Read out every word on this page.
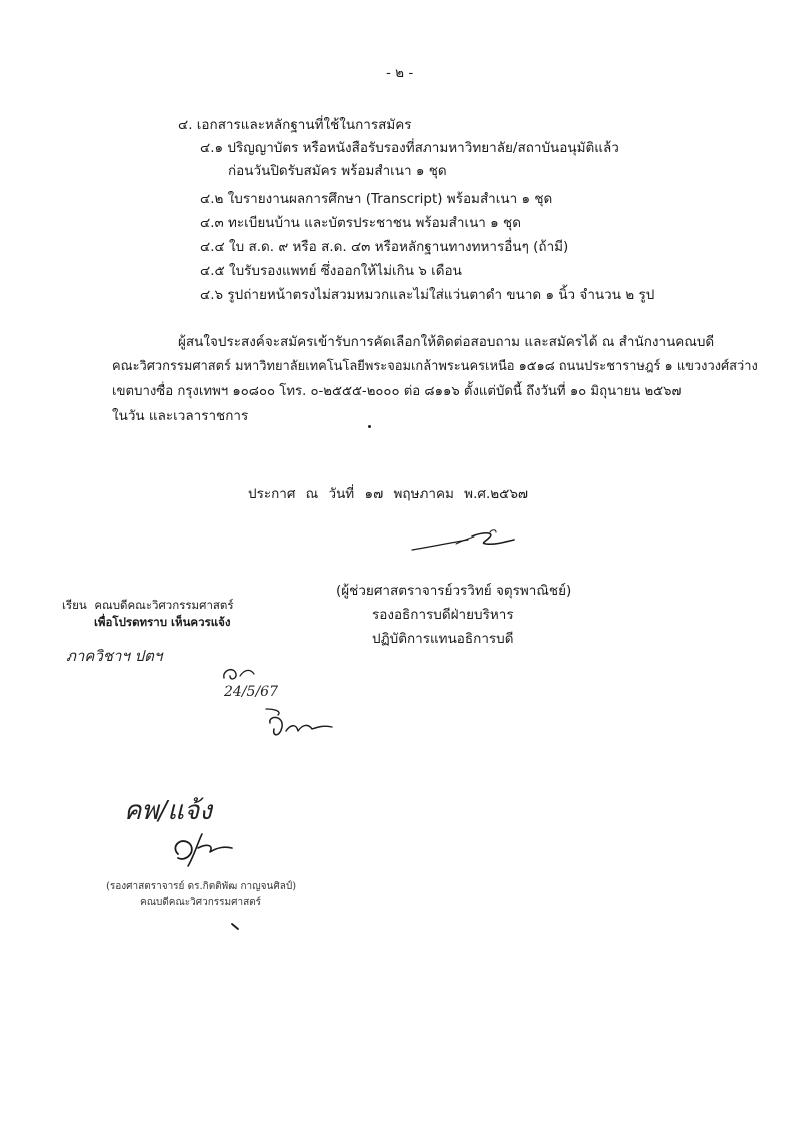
- ๒ -
๔. เอกสารและหลักฐานที่ใช้ในการสมัคร
๔.๑ ปริญญาบัตร หรือหนังสือรับรองที่สภามหาวิทยาลัย/สถาบันอนุมัติแล้ว
ก่อนวันปิดรับสมัคร พร้อมสำเนา ๑ ชุด
๔.๒ ใบรายงานผลการศึกษา (Transcript) พร้อมสำเนา ๑ ชุด
๔.๓ ทะเบียนบ้าน และบัตรประชาชน พร้อมสำเนา ๑ ชุด
๔.๔ ใบ ส.ด. ๙ หรือ ส.ด. ๔๓ หรือหลักฐานทางทหารอื่นๆ (ถ้ามี)
๔.๕ ใบรับรองแพทย์ ซึ่งออกให้ไม่เกิน ๖ เดือน
๔.๖ รูปถ่ายหน้าตรงไม่สวมหมวกและไม่ใส่แว่นตาดำ ขนาด ๑ นิ้ว จำนวน ๒ รูป
ผู้สนใจประสงค์จะสมัครเข้ารับการคัดเลือกให้ติดต่อสอบถาม และสมัครได้ ณ สำนักงานคณบดี
คณะวิศวกรรมศาสตร์ มหาวิทยาลัยเทคโนโลยีพระจอมเกล้าพระนครเหนือ ๑๕๑๘ ถนนประชาราษฎร์ ๑ แขวงวงศ์สว่าง
เขตบางซื่อ กรุงเทพฯ ๑๐๘๐๐ โทร. ๐-๒๕๕๕-๒๐๐๐ ต่อ ๘๑๑๖ ตั้งแต่บัดนี้ ถึงวันที่ ๑๐ มิถุนายน ๒๕๖๗
ในวัน และเวลาราชการ
ประกาศ ณ วันที่ ๑๗ พฤษภาคม พ.ศ.๒๕๖๗
(ผู้ช่วยศาสตราจารย์วรวิทย์ จตุรพาณิชย์)
รองอธิการบดีฝ่ายบริหาร
ปฏิบัติการแทนอธิการบดี
เรียน คณบดีคณะวิศวกรรมศาสตร์
เพื่อโปรดทราบ เห็นควรแจ้ง
ภาควิชาฯ ปตฯ
24/5/67
คพ/แจ้ง
(รองศาสตราจารย์ ดร.กิตติพัฒ กาญจนศิลป์)
คณบดีคณะวิศวกรรมศาสตร์
